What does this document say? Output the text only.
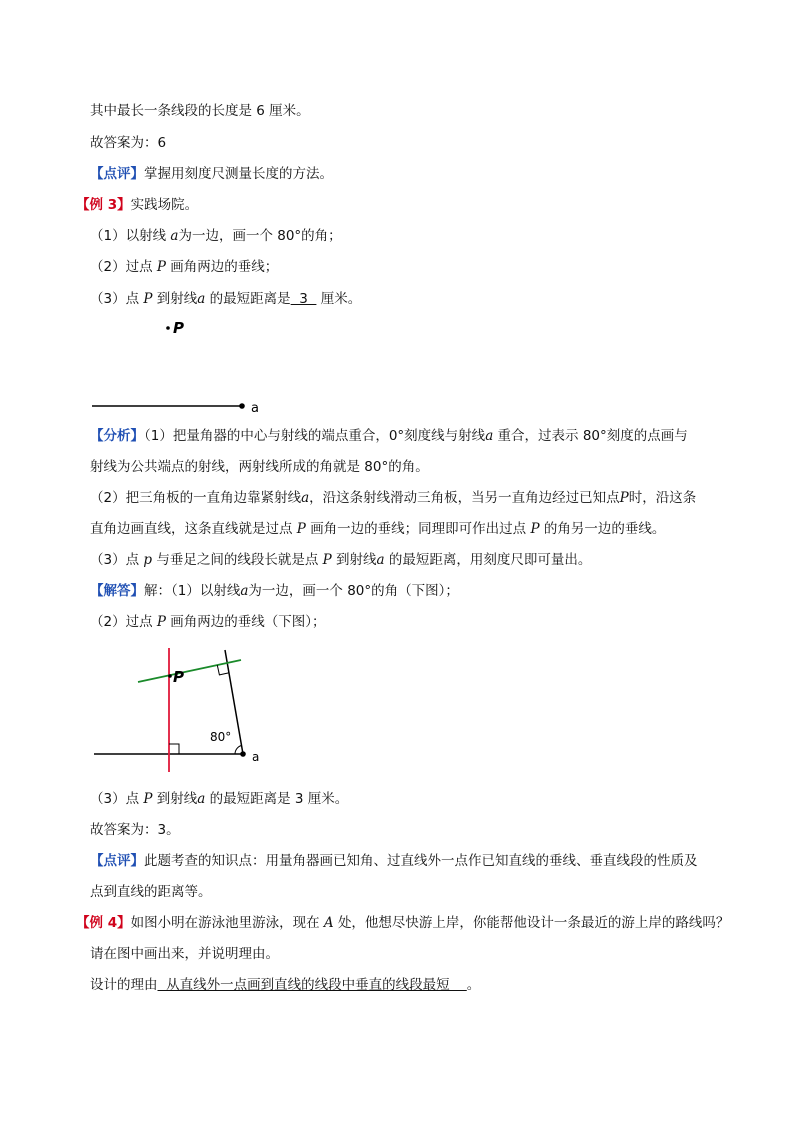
其中最长一条线段的长度是 6 厘米。
故答案为：6
【点评】掌握用刻度尺测量长度的方法。
【例 3】实践场院。
（1）以射线 a为一边，画一个 80°的角；
（2）过点 P 画角两边的垂线；
（3）点 P 到射线a 的最短距离是  3   厘米。
P
a
【分析】（1）把量角器的中心与射线的端点重合，0°刻度线与射线a 重合，过表示 80°刻度的点画与
射线为公共端点的射线，两射线所成的角就是 80°的角。
（2）把三角板的一直角边靠紧射线a，沿这条射线滑动三角板，当另一直角边经过已知点P时，沿这条
直角边画直线，这条直线就是过点 P 画角一边的垂线；同理即可作出过点 P 的角另一边的垂线。
（3）点 p 与垂足之间的线段长就是点 P 到射线a 的最短距离，用刻度尺即可量出。
【解答】解：（1）以射线a为一边，画一个 80°的角（下图）；
（2）过点 P 画角两边的垂线（下图）；
a
80°
P
（3）点 P 到射线a 的最短距离是 3 厘米。
故答案为：3。
【点评】此题考查的知识点：用量角器画已知角、过直线外一点作已知直线的垂线、垂直线段的性质及
点到直线的距离等。
【例 4】如图小明在游泳池里游泳，现在 A 处，他想尽快游上岸，你能帮他设计一条最近的游上岸的路线吗？
请在图中画出来，并说明理由。
设计的理由  从直线外一点画到直线的线段中垂直的线段最短    。
